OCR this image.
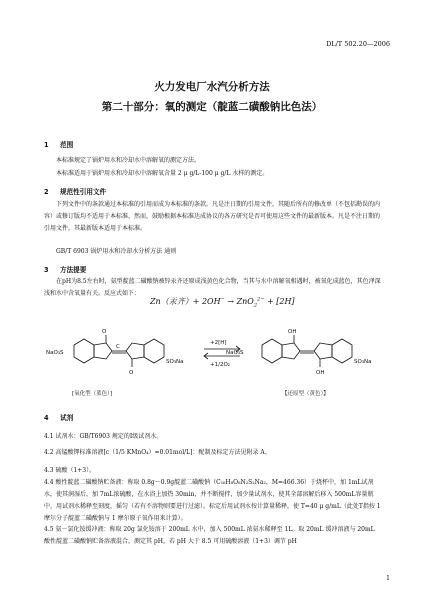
DL/T 502.20—2006
火力发电厂水汽分析方法
第二十部分：氧的测定（靛蓝二磺酸钠比色法）
1 范围
本标准规定了锅炉用水和冷却水中溶解氧的测定方法。
本标准适用于锅炉用水和冷却水中溶解氧含量 2 μ g/L-100 μ g/L 水样的测定。
2 规范性引用文件
下列文件中的条款通过本标准的引用而成为本标准的条款。凡是注日期的引用文件，其随后所有的修改单（不包括勘误的内容）或修订版均不适用于本标准，然而，鼓励根据本标准达成协议的各方研究是否可使用这些文件的最新版本。凡是不注日期的引用文件，其最新版本适用于本标准。
GB/T 6903 锅炉用水和冷却水分析方法 通则
3 方法提要
在pH为8.5左右时，氨型靛蓝二磺酸钠被锌汞齐还原成浅黄色化合物，当其与水中溶解氧相遇时，被氧化成蓝色，其色泽深浅和水中含氧量有关。反应式如下：
Zn（汞齐）+ 2OH− → ZnO$_2^{2-}$ + [2H]
NaO₃S
O
C
O
SO₃Na
+2[H]
+1/2O₂
NaO₃S
OH
OH
SO₃Na
[氧化型（蓝色）]	【还原型（黄色）】
4 试剂
4.1 试剂水：GB/T6903 规定的Ⅰ级试剂水。
4.2 高锰酸钾标准溶液[c（1/5 KMnO₄）=0.01mol/L]：配制及标定方法见附录 A。
4.3 硫酸（1+3）。
4.4 酸性靛蓝二磺酸钠贮备液：称取 0.8g～0.9g靛蓝二磺酸钠（C₁₆H₈O₈N₂S₂Na₂，M=466.36）于烧杯中，加 1mL试剂水，使其润湿后，加 7mL浓硫酸，在水浴上加热 30min，并不断搅拌，加少量试剂水，使其全部溶解后移入 500mL容量瓶中，用试剂水稀释至刻度，摇匀（若有不溶物则要进行过滤）。标定后用试剂水按计算量稀释，使 T=40 μ g/mL（此处T指按 1 摩尔分子靛蓝二磺酸钠与 1 摩尔原子氧作用来计算）。
4.5 氨－氯化铵缓冲液：称取 20g 氯化铵溶于 200mL 水中，加入 500mL 浓氨水稀释至 1L。取 20mL 缓冲溶液与 20mL 酸性靛蓝二磺酸钠贮备溶液混合，测定其 pH，若 pH 大于 8.5 可用硫酸溶液（1+3）调节 pH
1
